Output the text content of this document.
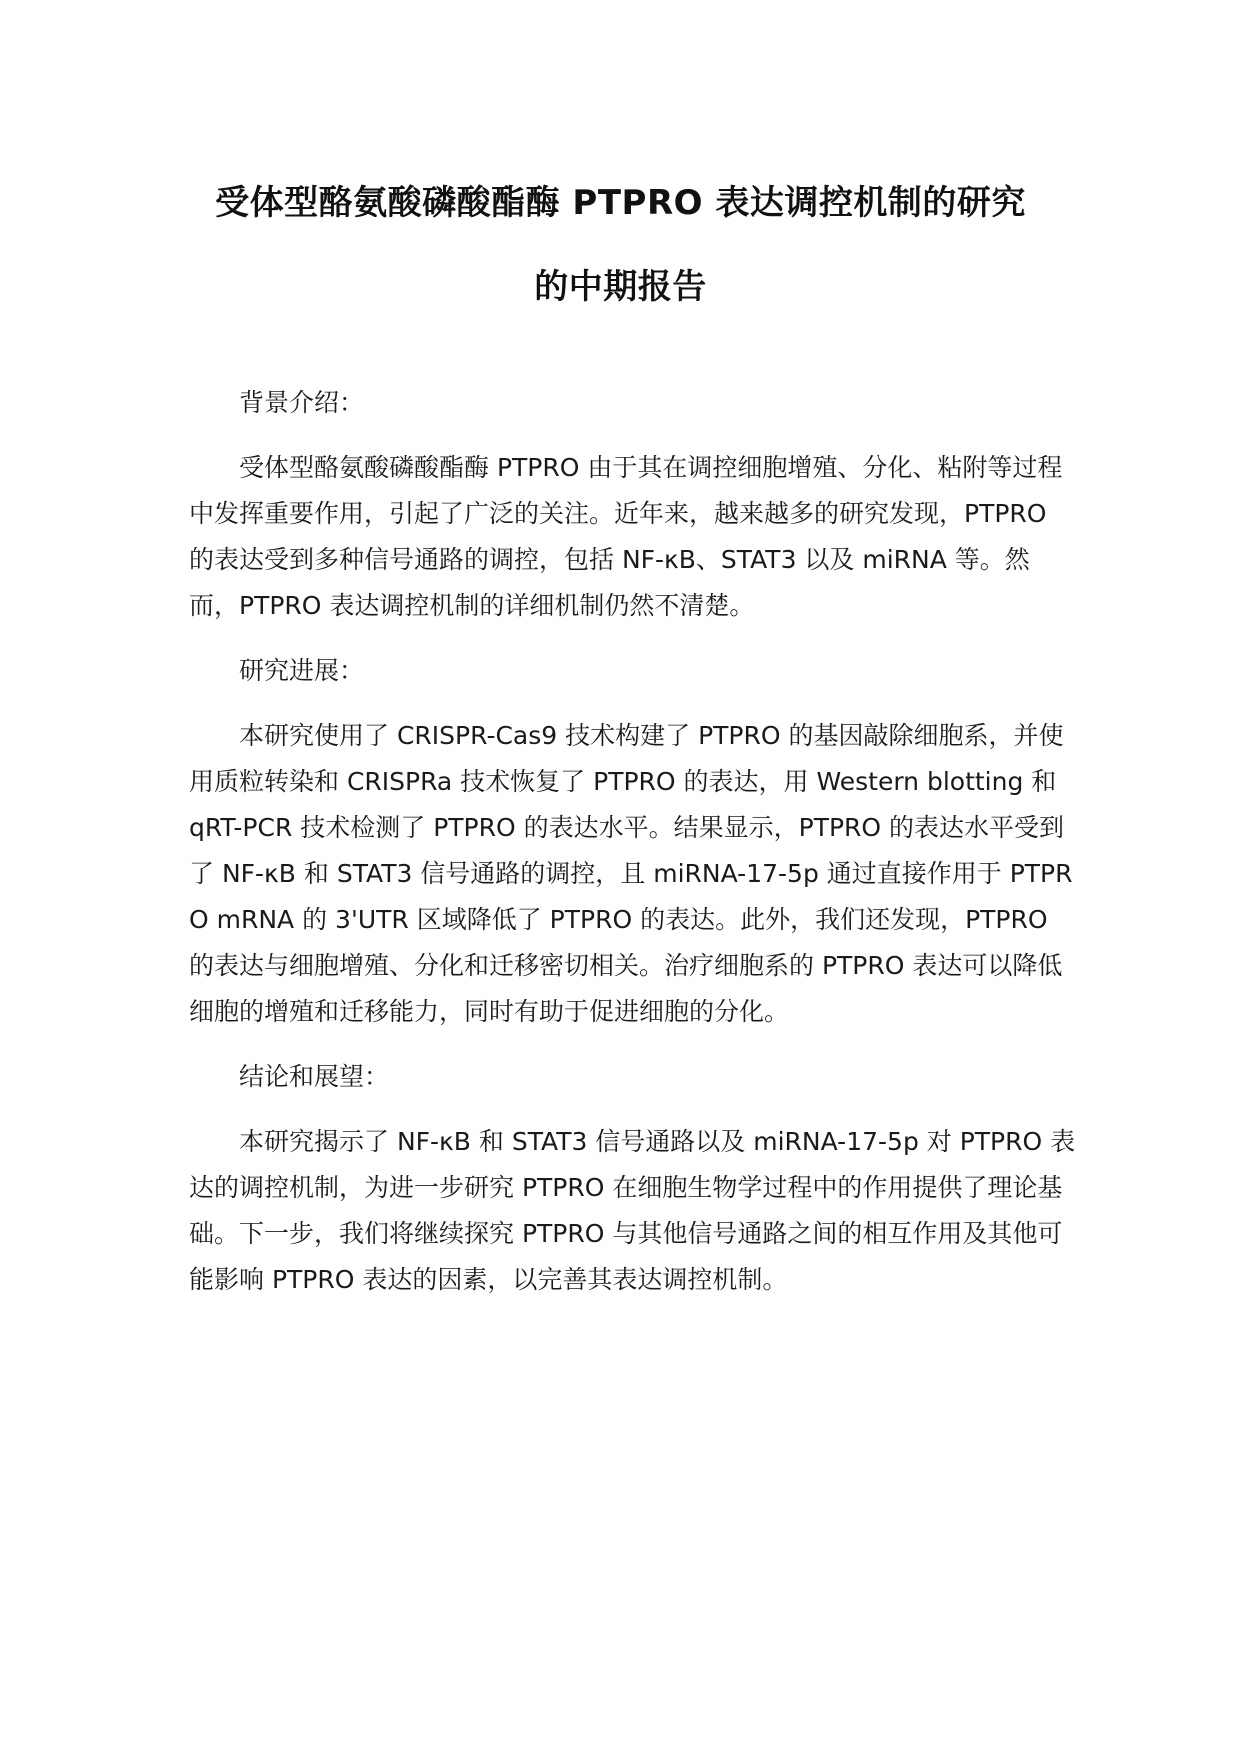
受体型酪氨酸磷酸酯酶 PTPRO 表达调控机制的研究
的中期报告

背景介绍：

受体型酪氨酸磷酸酯酶 PTPRO 由于其在调控细胞增殖、分化、粘附等过程中发挥重要作用，引起了广泛的关注。近年来，越来越多的研究发现，PTPRO 的表达受到多种信号通路的调控，包括 NF-κB、STAT3 以及 miRNA 等。然而，PTPRO 表达调控机制的详细机制仍然不清楚。

研究进展：

本研究使用了 CRISPR-Cas9 技术构建了 PTPRO 的基因敲除细胞系，并使用质粒转染和 CRISPRa 技术恢复了 PTPRO 的表达，用 Western blotting 和 qRT-PCR 技术检测了 PTPRO 的表达水平。结果显示，PTPRO 的表达水平受到了 NF-κB 和 STAT3 信号通路的调控，且 miRNA-17-5p 通过直接作用于 PTPRO mRNA 的 3'UTR 区域降低了 PTPRO 的表达。此外，我们还发现，PTPRO 的表达与细胞增殖、分化和迁移密切相关。治疗细胞系的 PTPRO 表达可以降低细胞的增殖和迁移能力，同时有助于促进细胞的分化。

结论和展望：

本研究揭示了 NF-κB 和 STAT3 信号通路以及 miRNA-17-5p 对 PTPRO 表达的调控机制，为进一步研究 PTPRO 在细胞生物学过程中的作用提供了理论基础。下一步，我们将继续探究 PTPRO 与其他信号通路之间的相互作用及其他可能影响 PTPRO 表达的因素，以完善其表达调控机制。
